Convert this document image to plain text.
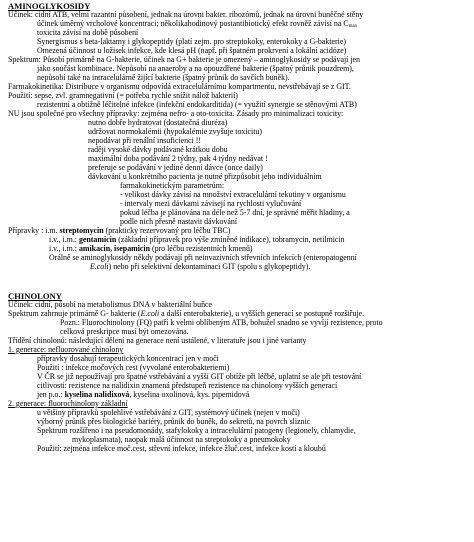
AMINOGLYKOSIDY
Účinek: cidní ATB, velmi razantní působení, jednak na úrovni bakter. ribozómů, jednak na úrovni buněčné stěny
účinek úměrný vrcholové koncentraci; několikahodinový postantibiotický efekt rovněž závisí na $C_{max}$
toxicita závisí na době působení
Synergismus s beta-laktamy i glykopeptidy (platí zejm. pro streptokoky, enterokoky a G-bakterie)
Omezená účinnost u ložisek infekce, kde klesá pH (např. při špatném prokrvení a lokální acidóze)
Spektrum: Působí primárně na G-bakterie, účinek na G+ bakterie je omezený – aminoglykosidy se podávají jen
jako součást kombinace. Nepůsobí na anaeroby a na opouzdřené bakterie (špatný průnik pouzdrem),
nepůsobí také na intracelulárně žijící bakterie (špatný průnik do savčích buněk).
Farmakokinetika: Distribuce v organismu odpovídá extracelulárnímu kompartmentu, nevstřebávají se z GIT.
Použití: sepse, zvl. gramnegativní (= potřeba rychle snížit nálož bakterií)
rezistentní a obtížně léčitelné infekce (infekční endokarditida) (= využití synergie se stěnovými ATB)
NU jsou společné pro všechny přípravky: zejména nefro- a oto-toxicita. Zásady pro minimalizaci toxicity:
nutno dobře hydratovat (dostatečná diuréza)
udržovat normokalémii (hypokalémie zvyšuje toxicitu)
nepodávat při renální insuficienci !!
raději vysoké dávky podávané krátkou dobu
maximální doba podávání 2 týdny, pak 4 týdny nedávat !
preferuje se podávání v jediné denní dávce (once daily)
dávkování u konkrétního pacienta je nutné přizpůsobit jeho individuálním
farmakokinetickým parametrům:
- velikost dávky závisí na množství extracelulární tekutiny v organismu
- intervaly mezi dávkami závisejí na rychlosti vylučování
pokud léčba je plánována na déle než 5-7 dní, je správné měřit hladiny, a
podle nich přesně nastavit dávkování
Přípravky : i.m. streptomycin (prakticky rezervovaný pro léčbu TBC)
i.v., i.m.: gentamicin (základní přípravek pro výše zmíněné indikace), tobramycin, netilmicin
i.v., i.m.: amikacin, isepamicin (pro léčbu rezistentních kmenů)
Orálně se aminoglykosidy někdy podávají při neinvazivních střevních infekcích (enteropatogenní
E.coli) nebo při selektivní dekontaminaci GIT (spolu s glykopeptidy).
CHINOLONY
Účinek: cidní, působí na metabolismus DNA v bakteriální buňce
Spektrum zahrnuje primárně G- bakterie (E.coli a další enterobakterie), u vyšších generací se postupně rozšiřuje.
Pozn.: Fluorochinolony (FQ) patří k velmi oblíbeným ATB, bohužel snadno se vyvíjí rezistence, proto
celková preskripce musí být omezována.
Třídění chinolonů: následující dělení na generace není ustálené, v literatuře jsou i jiné varianty
1. generace: nefluorované chinolony
přípravky dosahují terapeutických koncentrací jen v moči
Použití : infekce močových cest (vyvolané enterobakteriemi)
V ČR se již nepoužívají pro špatné vstřebávání a vyšší GIT obtíže při léčbě, uplatní se ale při testování
citlivosti: rezistence na nalidixin znamená předstupeň rezistence na chinolony vyšších generací
jen p.o.: kyselina nalidixová, kyselina oxolinová, kys. pipemidová
2. generace: fluorochinolony základní
u většiny přípravků spolehlivé vstřebávání z GIT, systémový účinek (nejen v moči)
výborný průnik přes biologické bariéry, průnik do buněk, do sekretů, na povrch sliznic
Spektrum rozšířeno i na pseudomonády, stafylokoky a intracelulární patogeny (legionely, chlamydie,
mykoplasmata), naopak malá účinnost na streptokoky a pneumokoky
Použití: zejména infekce moč.cest, střevní infekce, infekce žluč.cest, infekce kostí a kloubů
